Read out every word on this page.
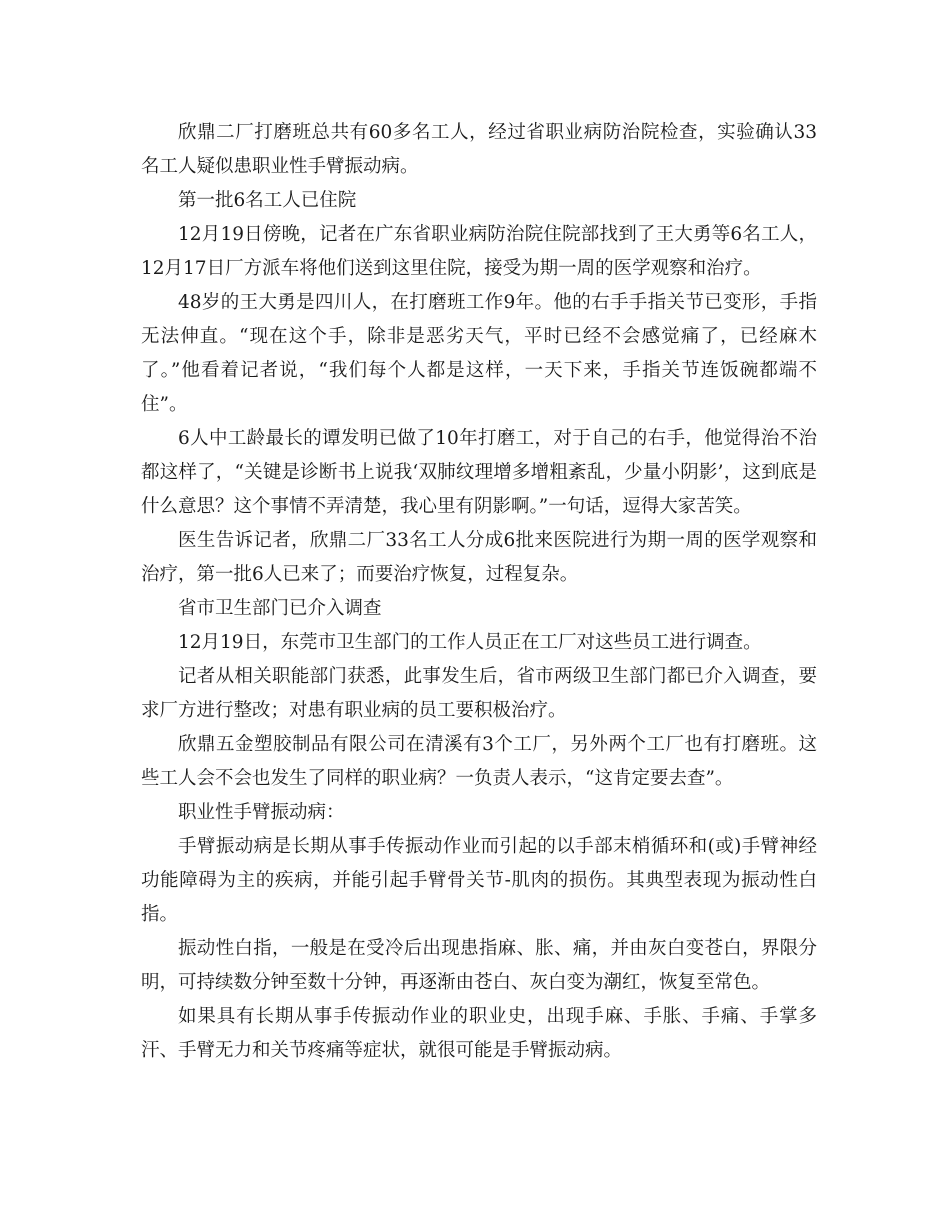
欣鼎二厂打磨班总共有60多名工人，经过省职业病防治院检查，实验确认33名工人疑似患职业性手臂振动病。

第一批6名工人已住院

12月19日傍晚，记者在广东省职业病防治院住院部找到了王大勇等6名工人，12月17日厂方派车将他们送到这里住院，接受为期一周的医学观察和治疗。

48岁的王大勇是四川人，在打磨班工作9年。他的右手手指关节已变形，手指无法伸直。“现在这个手，除非是恶劣天气，平时已经不会感觉痛了，已经麻木了。”他看着记者说，“我们每个人都是这样，一天下来，手指关节连饭碗都端不住”。

6人中工龄最长的谭发明已做了10年打磨工，对于自己的右手，他觉得治不治都这样了，“关键是诊断书上说我‘双肺纹理增多增粗紊乱，少量小阴影’，这到底是什么意思？这个事情不弄清楚，我心里有阴影啊。”一句话，逗得大家苦笑。

医生告诉记者，欣鼎二厂33名工人分成6批来医院进行为期一周的医学观察和治疗，第一批6人已来了；而要治疗恢复，过程复杂。

省市卫生部门已介入调查

12月19日，东莞市卫生部门的工作人员正在工厂对这些员工进行调查。

记者从相关职能部门获悉，此事发生后，省市两级卫生部门都已介入调查，要求厂方进行整改；对患有职业病的员工要积极治疗。

欣鼎五金塑胶制品有限公司在清溪有3个工厂，另外两个工厂也有打磨班。这些工人会不会也发生了同样的职业病？一负责人表示，“这肯定要去查”。

职业性手臂振动病：

手臂振动病是长期从事手传振动作业而引起的以手部末梢循环和(或)手臂神经功能障碍为主的疾病，并能引起手臂骨关节-肌肉的损伤。其典型表现为振动性白指。

振动性白指，一般是在受冷后出现患指麻、胀、痛，并由灰白变苍白，界限分明，可持续数分钟至数十分钟，再逐渐由苍白、灰白变为潮红，恢复至常色。

如果具有长期从事手传振动作业的职业史，出现手麻、手胀、手痛、手掌多汗、手臂无力和关节疼痛等症状，就很可能是手臂振动病。
